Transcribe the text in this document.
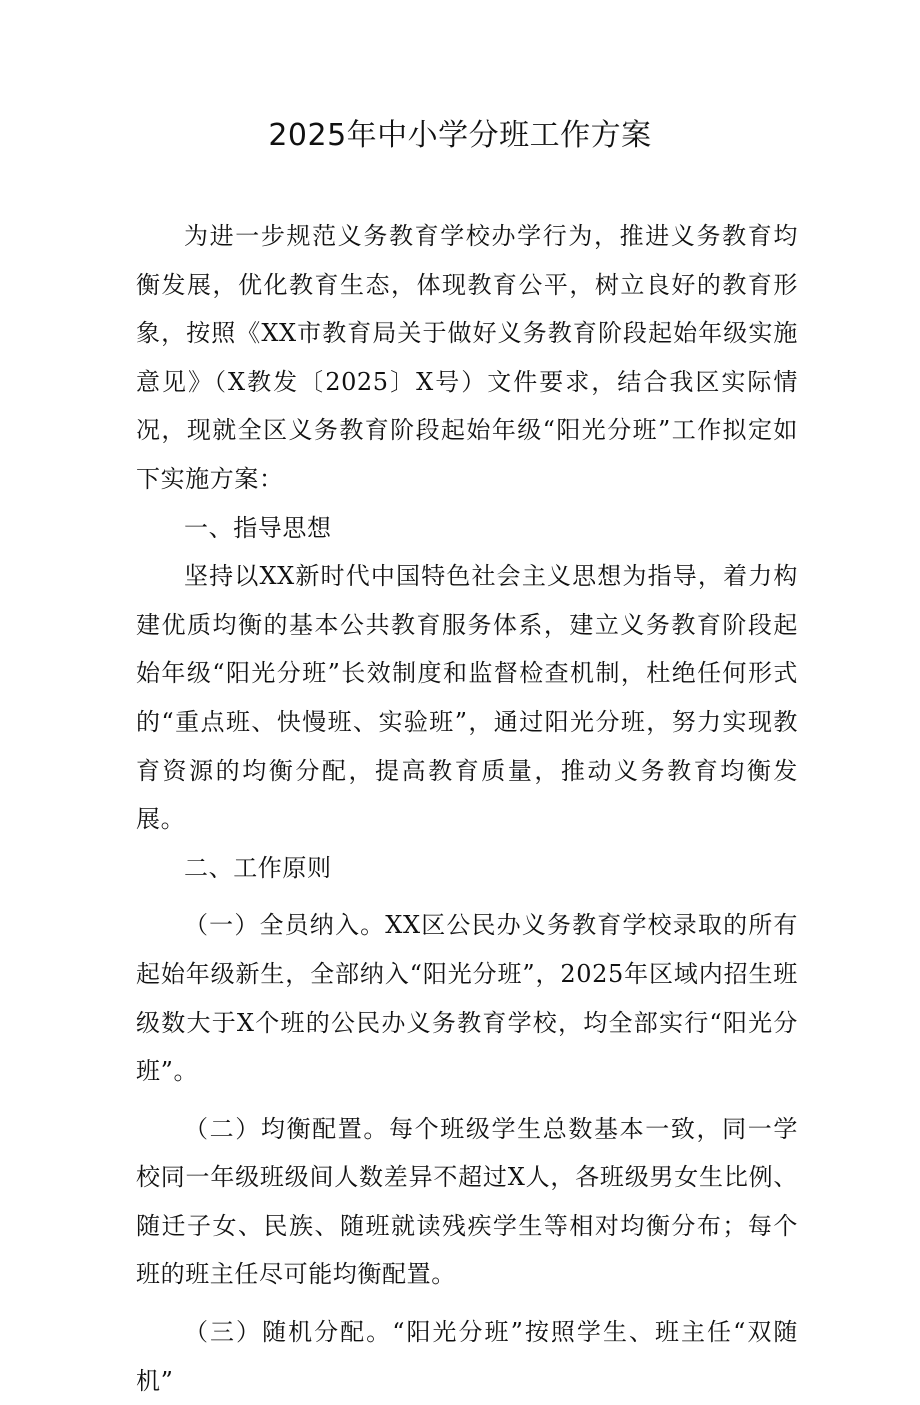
2025年中小学分班工作方案

为进一步规范义务教育学校办学行为，推进义务教育均衡发展，优化教育生态，体现教育公平，树立良好的教育形象，按照《XX市教育局关于做好义务教育阶段起始年级实施意见》（X教发〔2025〕X号）文件要求，结合我区实际情况，现就全区义务教育阶段起始年级“阳光分班”工作拟定如下实施方案：

一、指导思想

坚持以XX新时代中国特色社会主义思想为指导，着力构建优质均衡的基本公共教育服务体系，建立义务教育阶段起始年级“阳光分班”长效制度和监督检查机制，杜绝任何形式的“重点班、快慢班、实验班”，通过阳光分班，努力实现教育资源的均衡分配，提高教育质量，推动义务教育均衡发展。

二、工作原则

（一）全员纳入。XX区公民办义务教育学校录取的所有起始年级新生，全部纳入“阳光分班”，2025年区域内招生班级数大于X个班的公民办义务教育学校，均全部实行“阳光分班”。

（二）均衡配置。每个班级学生总数基本一致，同一学校同一年级班级间人数差异不超过X人，各班级男女生比例、随迁子女、民族、随班就读残疾学生等相对均衡分布；每个班的班主任尽可能均衡配置。

（三）随机分配。“阳光分班”按照学生、班主任“双随机”
